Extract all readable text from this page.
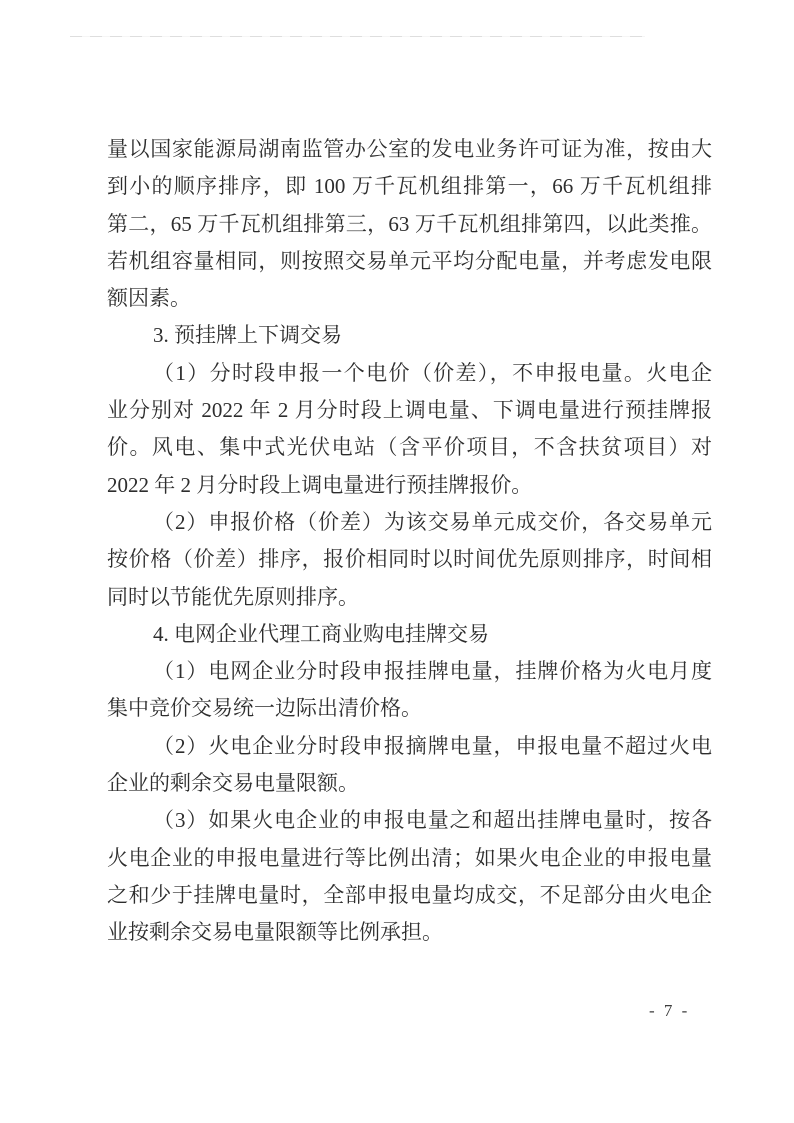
量以国家能源局湖南监管办公室的发电业务许可证为准，按由大
到小的顺序排序，即 100 万千瓦机组排第一，66 万千瓦机组排
第二，65 万千瓦机组排第三，63 万千瓦机组排第四，以此类推。
若机组容量相同，则按照交易单元平均分配电量，并考虑发电限
额因素。
3. 预挂牌上下调交易
（1）分时段申报一个电价（价差），不申报电量。火电企
业分别对 2022 年 2 月分时段上调电量、下调电量进行预挂牌报
价。风电、集中式光伏电站（含平价项目，不含扶贫项目）对
2022 年 2 月分时段上调电量进行预挂牌报价。
（2）申报价格（价差）为该交易单元成交价，各交易单元
按价格（价差）排序，报价相同时以时间优先原则排序，时间相
同时以节能优先原则排序。
4. 电网企业代理工商业购电挂牌交易
（1）电网企业分时段申报挂牌电量，挂牌价格为火电月度
集中竞价交易统一边际出清价格。
（2）火电企业分时段申报摘牌电量，申报电量不超过火电
企业的剩余交易电量限额。
（3）如果火电企业的申报电量之和超出挂牌电量时，按各
火电企业的申报电量进行等比例出清；如果火电企业的申报电量
之和少于挂牌电量时，全部申报电量均成交，不足部分由火电企
业按剩余交易电量限额等比例承担。
- 7 -
